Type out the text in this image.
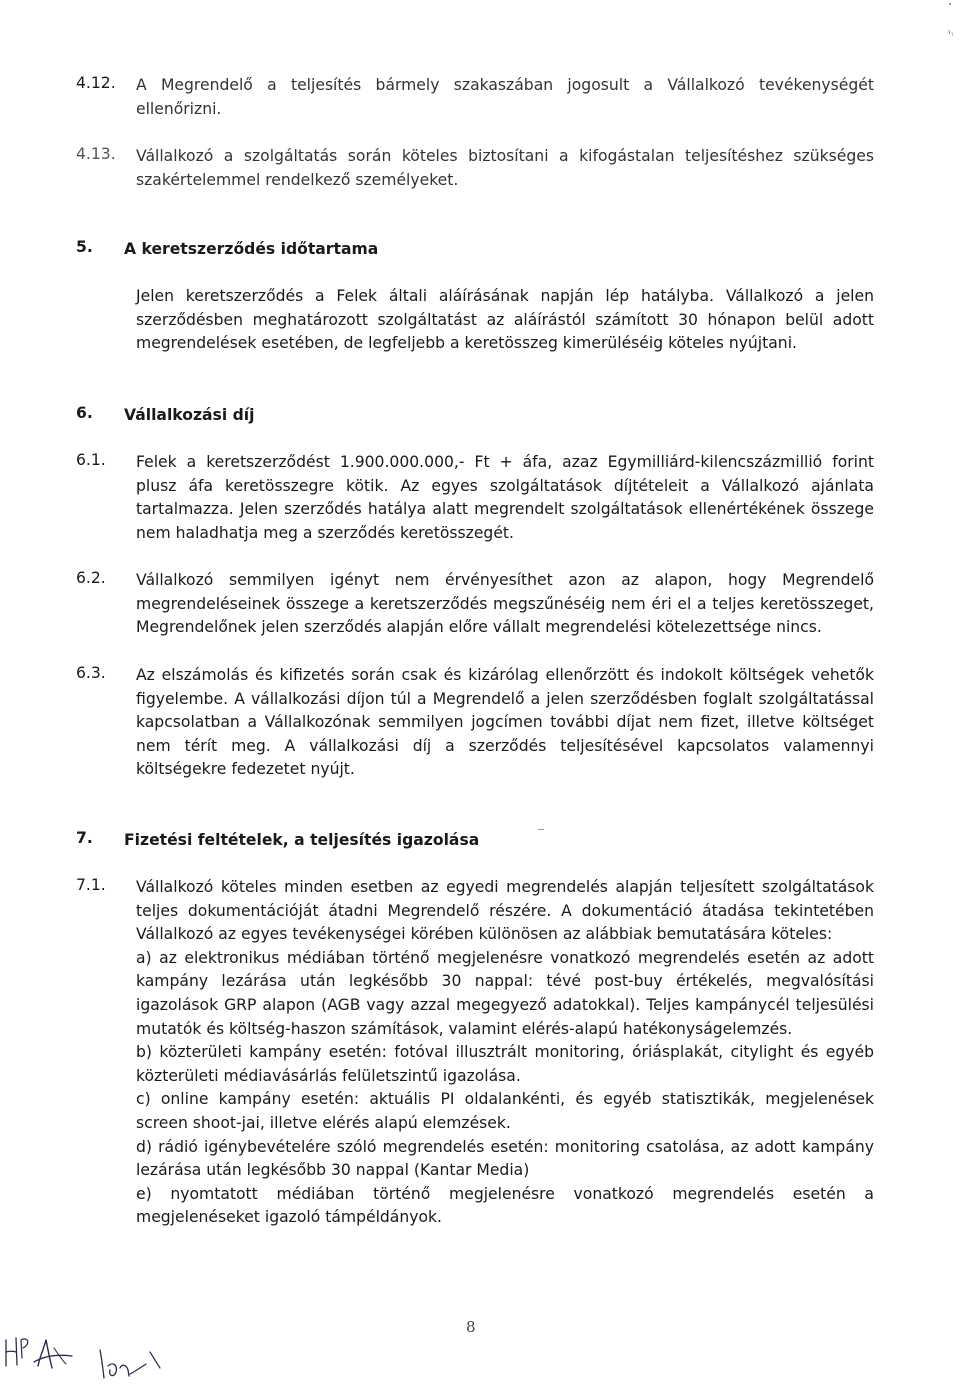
4.12.	A Megrendelő a teljesítés bármely szakaszában jogosult a Vállalkozó tevékenységét ellenőrizni.
4.13.	Vállalkozó a szolgáltatás során köteles biztosítani a kifogástalan teljesítéshez szükséges szakértelemmel rendelkező személyeket.
5.	A keretszerződés időtartama
Jelen keretszerződés a Felek általi aláírásának napján lép hatályba. Vállalkozó a jelen szerződésben meghatározott szolgáltatást az aláírástól számított 30 hónapon belül adott megrendelések esetében, de legfeljebb a keretösszeg kimerüléséig köteles nyújtani.
6.	Vállalkozási díj
6.1.	Felek a keretszerződést 1.900.000.000,- Ft + áfa, azaz Egymilliárd-kilencszázmillió forint plusz áfa keretösszegre kötik. Az egyes szolgáltatások díjtételeit a Vállalkozó ajánlata tartalmazza. Jelen szerződés hatálya alatt megrendelt szolgáltatások ellenértékének összege nem haladhatja meg a szerződés keretösszegét.
6.2.	Vállalkozó semmilyen igényt nem érvényesíthet azon az alapon, hogy Megrendelő megrendeléseinek összege a keretszerződés megszűnéséig nem éri el a teljes keretösszeget, Megrendelőnek jelen szerződés alapján előre vállalt megrendelési kötelezettsége nincs.
6.3.	Az elszámolás és kifizetés során csak és kizárólag ellenőrzött és indokolt költségek vehetők figyelembe. A vállalkozási díjon túl a Megrendelő a jelen szerződésben foglalt szolgáltatással kapcsolatban a Vállalkozónak semmilyen jogcímen további díjat nem fizet, illetve költséget nem térít meg. A vállalkozási díj a szerződés teljesítésével kapcsolatos valamennyi költségekre fedezetet nyújt.
7.	Fizetési feltételek, a teljesítés igazolása
7.1.	Vállalkozó köteles minden esetben az egyedi megrendelés alapján teljesített szolgáltatások teljes dokumentációját átadni Megrendelő részére. A dokumentáció átadása tekintetében Vállalkozó az egyes tevékenységei körében különösen az alábbiak bemutatására köteles:

a) az elektronikus médiában történő megjelenésre vonatkozó megrendelés esetén az adott kampány lezárása után legkésőbb 30 nappal: tévé post-buy értékelés, megvalósítási igazolások GRP alapon (AGB vagy azzal megegyező adatokkal). Teljes kampánycél teljesülési mutatók és költség-haszon számítások, valamint elérés-alapú hatékonyságelemzés.

b) közterületi kampány esetén: fotóval illusztrált monitoring, óriásplakát, citylight és egyéb közterületi médiavásárlás felületszintű igazolása.

c) online kampány esetén: aktuális PI oldalankénti, és egyéb statisztikák, megjelenések screen shoot-jai, illetve elérés alapú elemzések.

d) rádió igénybevételére szóló megrendelés esetén: monitoring csatolása, az adott kampány lezárása után legkésőbb 30 nappal (Kantar Media)

e) nyomtatott médiában történő megjelenésre vonatkozó megrendelés esetén a megjelenéseket igazoló támpéldányok.

8
